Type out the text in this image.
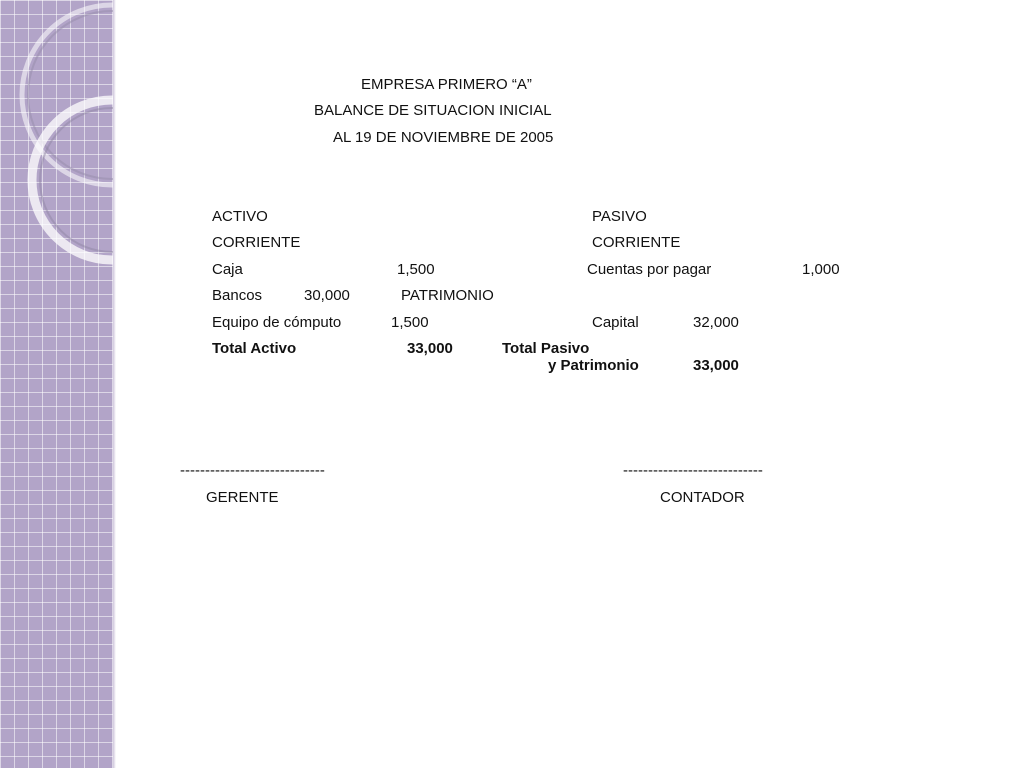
EMPRESA PRIMERO “A”
BALANCE DE SITUACION INICIAL
AL 19 DE NOVIEMBRE DE 2005
ACTIVO
CORRIENTE
Caja	1,500
Bancos	30,000
Equipo de cómputo	1,500
Total Activo	33,000
PASIVO
CORRIENTE
Cuentas por pagar	1,000
PATRIMONIO
Capital	32,000
Total Pasivo
y Patrimonio	33,000
-----------------------------
GERENTE
----------------------------
CONTADOR
